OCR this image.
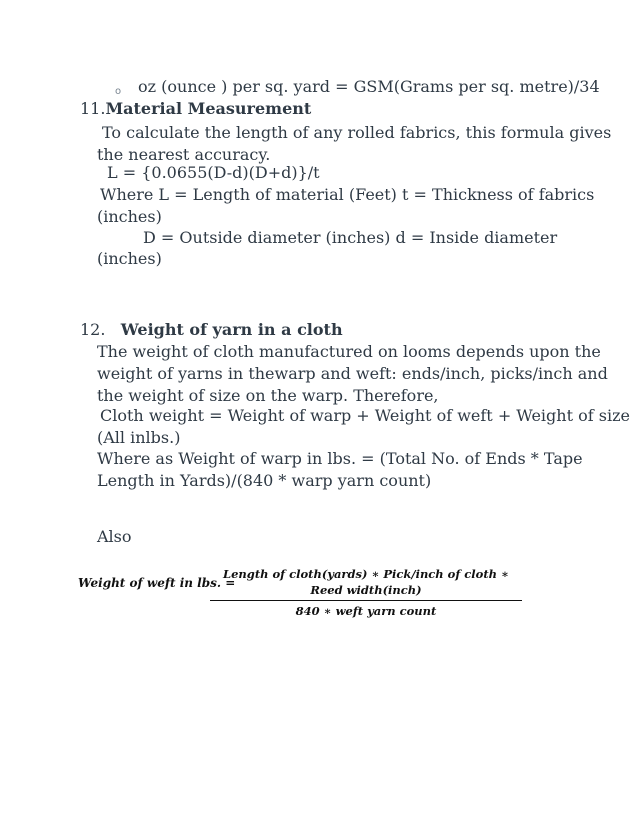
o oz (ounce ) per sq. yard = GSM(Grams per sq. metre)/34
11.Material Measurement
To calculate the length of any rolled fabrics, this formula gives
the nearest accuracy.
L = {0.0655(D-d)(D+d)}/t
Where L = Length of material (Feet) t = Thickness of fabrics
(inches)
D = Outside diameter (inches) d = Inside diameter
(inches)
12. Weight of yarn in a cloth
The weight of cloth manufactured on looms depends upon the
weight of yarns in thewarp and weft: ends/inch, picks/inch and
the weight of size on the warp. Therefore,
Cloth weight = Weight of warp + Weight of weft + Weight of size
(All inlbs.)
Where as Weight of warp in lbs. = (Total No. of Ends * Tape
Length in Yards)/(840 * warp yarn count)
Also
Weight of weft in lbs. =
Length of cloth(yards) ∗ Pick/inch of cloth ∗ Reed width(inch)
840 ∗ weft yarn count
